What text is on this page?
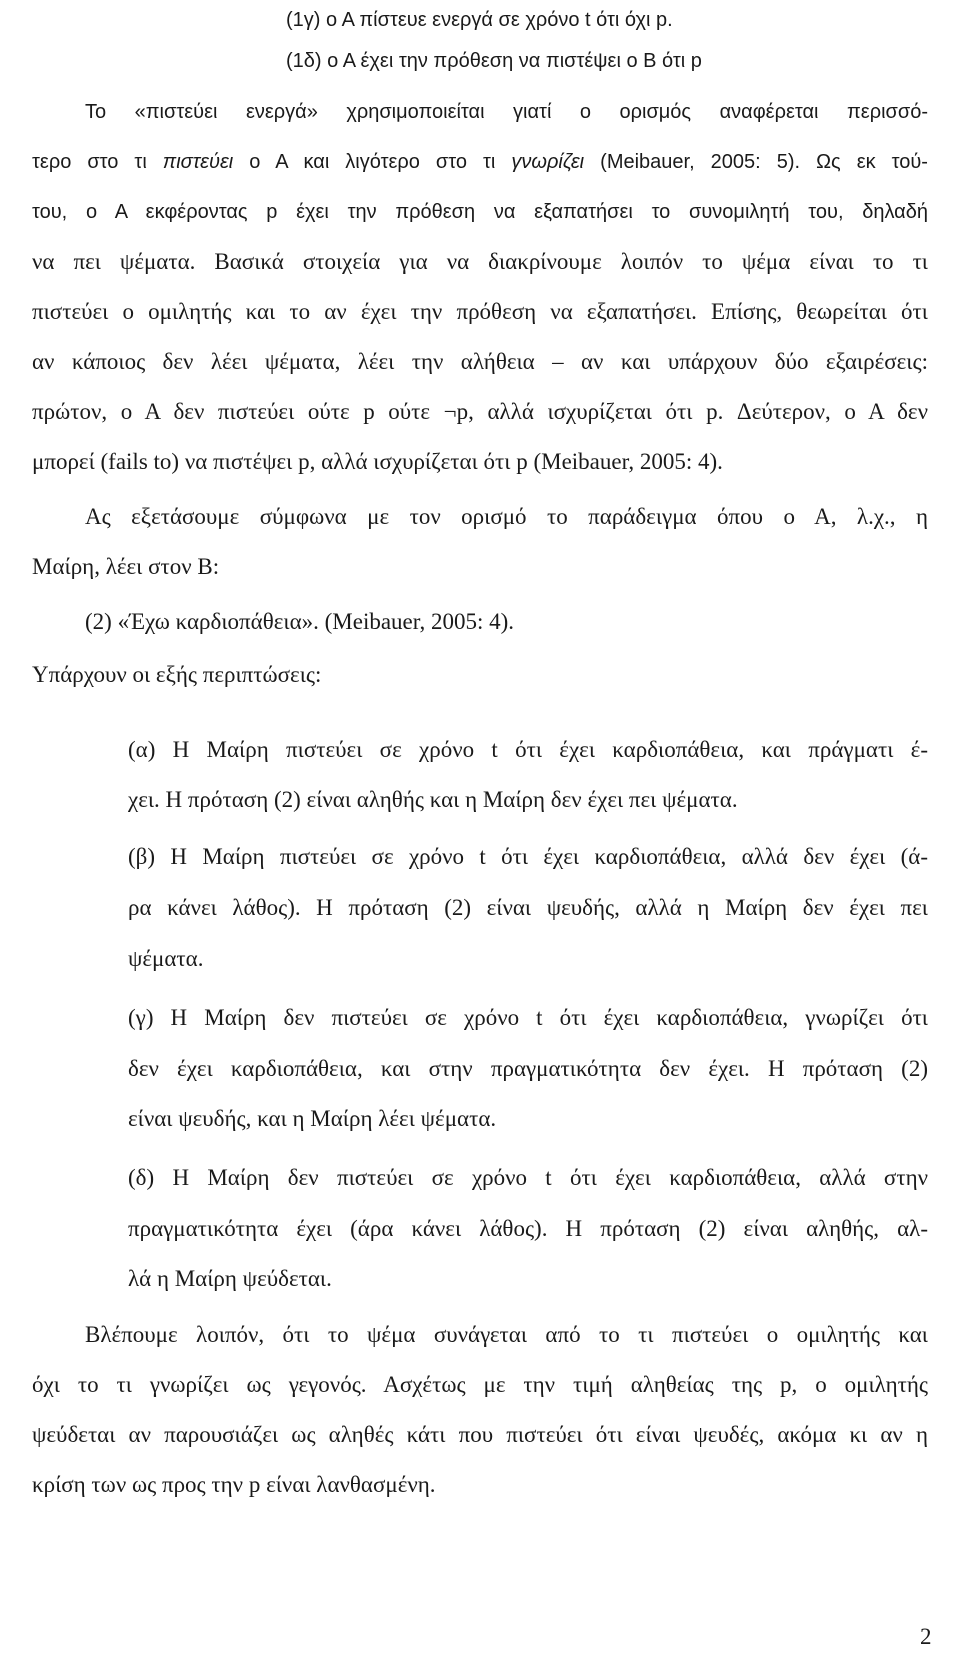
(1γ) ο Α πίστευε ενεργά σε χρόνο t ότι όχι p.

(1δ) ο Α έχει την πρόθεση να πιστέψει ο Β ότι p

Το «πιστεύει ενεργά» χρησιμοποιείται γιατί ο ορισμός αναφέρεται περισσό-

τερο στο τι πιστεύει ο Α και λιγότερο στο τι γνωρίζει (Meibauer, 2005: 5). Ως εκ τού-

του, ο Α εκφέροντας p έχει την πρόθεση να εξαπατήσει το συνομιλητή του, δηλαδή

να πει ψέματα. Βασικά στοιχεία για να διακρίνουμε λοιπόν το ψέμα είναι το τι

πιστεύει ο ομιλητής και το αν έχει την πρόθεση να εξαπατήσει. Επίσης, θεωρείται ότι

αν κάποιος δεν λέει ψέματα, λέει την αλήθεια – αν και υπάρχουν δύο εξαιρέσεις:

πρώτον, ο Α δεν πιστεύει ούτε p ούτε ¬p, αλλά ισχυρίζεται ότι p. Δεύτερον, ο Α δεν

μπορεί (fails to) να πιστέψει p, αλλά ισχυρίζεται ότι p (Meibauer, 2005: 4).

Ας εξετάσουμε σύμφωνα με τον ορισμό το παράδειγμα όπου ο Α, λ.χ., η

Μαίρη, λέει στον Β:

(2) «Έχω καρδιοπάθεια». (Meibauer, 2005: 4).

Υπάρχουν οι εξής περιπτώσεις:

(α) Η Μαίρη πιστεύει σε χρόνο t ότι έχει καρδιοπάθεια, και πράγματι έ-

χει. Η πρόταση (2) είναι αληθής και η Μαίρη δεν έχει πει ψέματα.

(β) Η Μαίρη πιστεύει σε χρόνο t ότι έχει καρδιοπάθεια, αλλά δεν έχει (ά-

ρα κάνει λάθος). Η πρόταση (2) είναι ψευδής, αλλά η Μαίρη δεν έχει πει

ψέματα.

(γ) Η Μαίρη δεν πιστεύει σε χρόνο t ότι έχει καρδιοπάθεια, γνωρίζει ότι

δεν έχει καρδιοπάθεια, και στην πραγματικότητα δεν έχει. Η πρόταση (2)

είναι ψευδής, και η Μαίρη λέει ψέματα.

(δ) Η Μαίρη δεν πιστεύει σε χρόνο t ότι έχει καρδιοπάθεια, αλλά στην

πραγματικότητα έχει (άρα κάνει λάθος). Η πρόταση (2) είναι αληθής, αλ-

λά η Μαίρη ψεύδεται.

Βλέπουμε λοιπόν, ότι το ψέμα συνάγεται από το τι πιστεύει ο ομιλητής και

όχι το τι γνωρίζει ως γεγονός. Ασχέτως με την τιμή αληθείας της p, ο ομιλητής

ψεύδεται αν παρουσιάζει ως αληθές κάτι που πιστεύει ότι είναι ψευδές, ακόμα κι αν η

κρίση των ως προς την p είναι λανθασμένη.

2
